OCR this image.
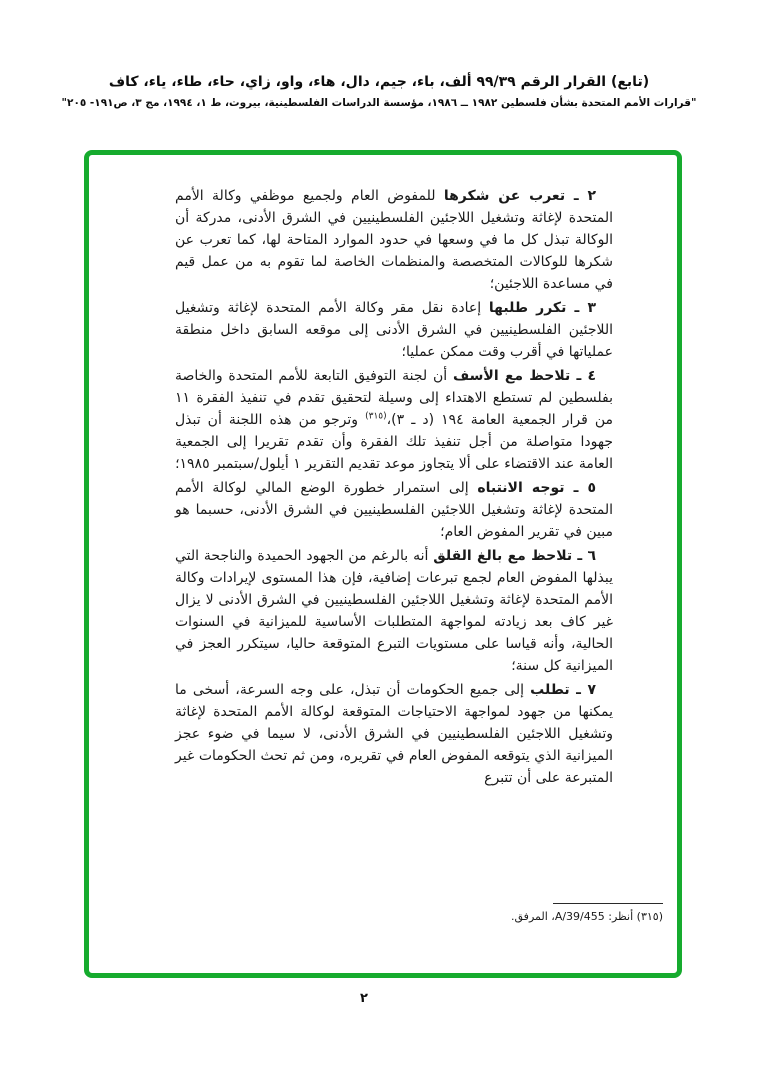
(تابع) القرار الرقم ٩٩/٣٩ ألف، باء، جيم، دال، هاء، واو، زاي، حاء، طاء، ياء، كاف
"قرارات الأمم المتحدة بشأن فلسطين ١٩٨٢ ــ ١٩٨٦، مؤسسة الدراسات الفلسطينية، بيروت، ط ١، ١٩٩٤، مج ٣، ص١٩١- ٢٠٥"

٢ ـ تعرب عن شكرها للمفوض العام ولجميع موظفي وكالة الأمم المتحدة لإغاثة وتشغيل اللاجئين الفلسطينيين في الشرق الأدنى، مدركة أن الوكالة تبذل كل ما في وسعها في حدود الموارد المتاحة لها، كما تعرب عن شكرها للوكالات المتخصصة والمنظمات الخاصة لما تقوم به من عمل قيم في مساعدة اللاجئين؛

٣ ـ تكرر طلبها إعادة نقل مقر وكالة الأمم المتحدة لإغاثة وتشغيل اللاجئين الفلسطينيين في الشرق الأدنى إلى موقعه السابق داخل منطقة عملياتها في أقرب وقت ممكن عمليا؛

٤ ـ تلاحظ مع الأسف أن لجنة التوفيق التابعة للأمم المتحدة والخاصة بفلسطين لم تستطع الاهتداء إلى وسيلة لتحقيق تقدم في تنفيذ الفقرة ١١ من قرار الجمعية العامة ١٩٤ (د ـ ٣)،$^{(٣١٥)}$ وترجو من هذه اللجنة أن تبذل جهودا متواصلة من أجل تنفيذ تلك الفقرة وأن تقدم تقريرا إلى الجمعية العامة عند الاقتضاء على ألا يتجاوز موعد تقديم التقرير ١ أيلول/سبتمبر ١٩٨٥؛

٥ ـ توجه الانتباه إلى استمرار خطورة الوضع المالي لوكالة الأمم المتحدة لإغاثة وتشغيل اللاجئين الفلسطينيين في الشرق الأدنى، حسبما هو مبين في تقرير المفوض العام؛

٦ ـ تلاحظ مع بالغ القلق أنه بالرغم من الجهود الحميدة والناجحة التي يبذلها المفوض العام لجمع تبرعات إضافية، فإن هذا المستوى لإيرادات وكالة الأمم المتحدة لإغاثة وتشغيل اللاجئين الفلسطينيين في الشرق الأدنى لا يزال غير كاف بعد زيادته لمواجهة المتطلبات الأساسية للميزانية في السنوات الحالية، وأنه قياسا على مستويات التبرع المتوقعة حاليا، سيتكرر العجز في الميزانية كل سنة؛

٧ ـ تطلب إلى جميع الحكومات أن تبذل، على وجه السرعة، أسخى ما يمكنها من جهود لمواجهة الاحتياجات المتوقعة لوكالة الأمم المتحدة لإغاثة وتشغيل اللاجئين الفلسطينيين في الشرق الأدنى، لا سيما في ضوء عجز الميزانية الذي يتوقعه المفوض العام في تقريره، ومن ثم تحث الحكومات غير المتبرعة على أن تتبرع

(٣١٥) أنظر: A/39/455، المرفق.
٢
